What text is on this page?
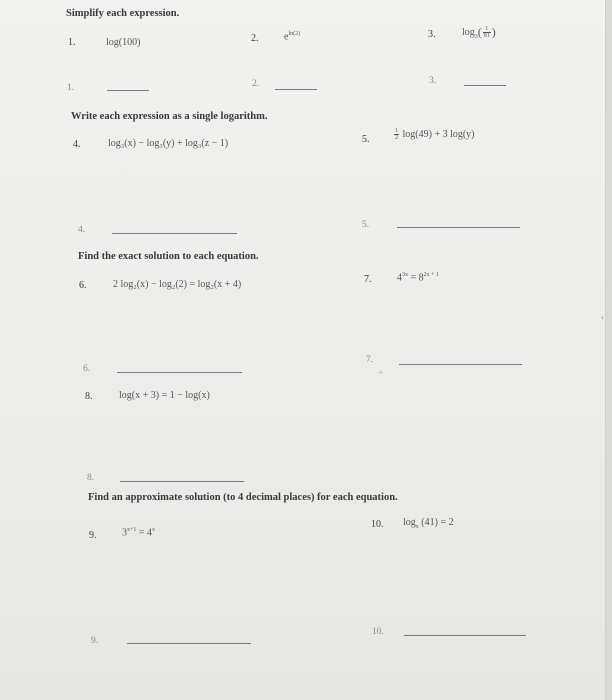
Simplify each expression.
1.	log(100)	2.	$e^{ln(2)}$	3.	$\log_3( \frac{1}{81}$ )
1.	2.	3.
Write each expression as a single logarithm.
4.	log₃(x) − log₃(y) + log₃(z − 1)	5.	$\frac{1}{2} \log(49) + 3$ log(y)
4.	5.
Find the exact solution to each equation.
6.	2 log₂(x) − log₂(2) = log₂(x + 4)	7.	$4^{3x} = 8^{2x + 1}$
6.
7.
+
8.	log(x + 3) = 1 − log(x)
8.
Find an approximate solution (to 4 decimal places) for each equation.
9.	$3^{x+1} = 4^x$	10. $\log_x (41) = 2$
9.
10.
‹
